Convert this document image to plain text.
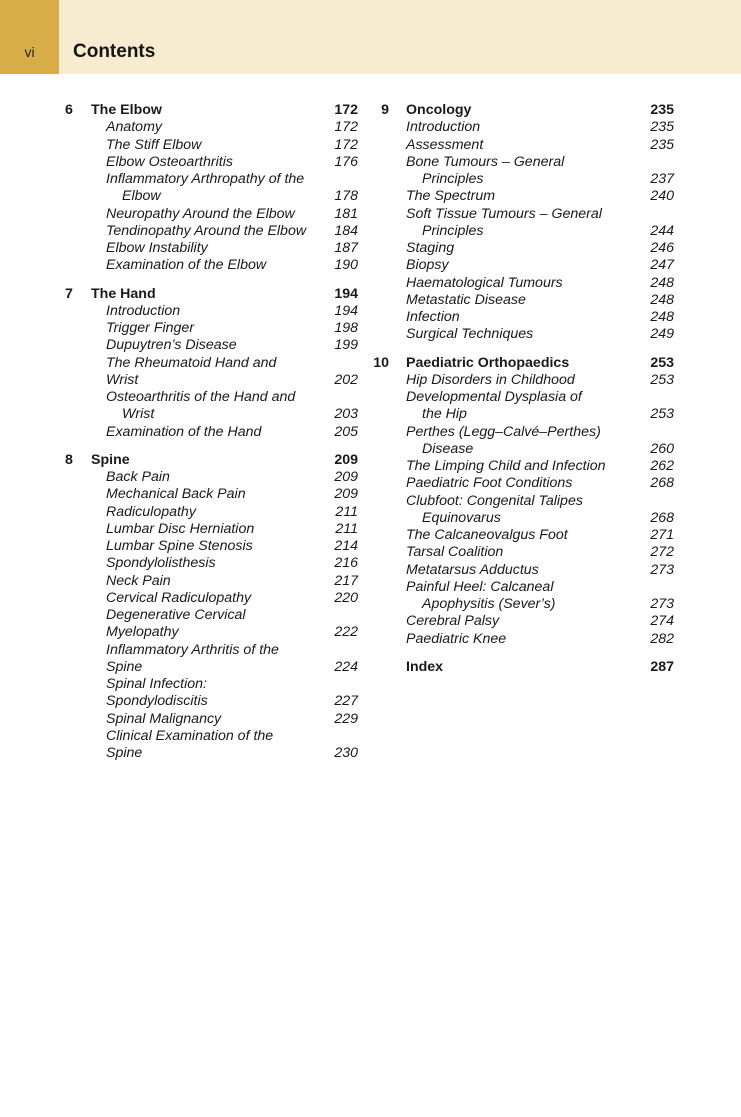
vi	Contents
6	The Elbow	172
Anatomy	172
The Stiff Elbow	172
Elbow Osteoarthritis	176
Inflammatory Arthropathy of the
Elbow	178
Neuropathy Around the Elbow	181
Tendinopathy Around the Elbow	184
Elbow Instability	187
Examination of the Elbow	190
7	The Hand	194
Introduction	194
Trigger Finger	198
Dupuytren’s Disease	199
The Rheumatoid Hand and Wrist	202
Osteoarthritis of the Hand and
Wrist	203
Examination of the Hand	205
8	Spine	209
Back Pain	209
Mechanical Back Pain	209
Radiculopathy	211
Lumbar Disc Herniation	211
Lumbar Spine Stenosis	214
Spondylolisthesis	216
Neck Pain	217
Cervical Radiculopathy	220
Degenerative Cervical Myelopathy	222
Inflammatory Arthritis of the Spine	224
Spinal Infection: Spondylodiscitis	227
Spinal Malignancy	229
Clinical Examination of the Spine	230
9	Oncology	235
Introduction	235
Assessment	235
Bone Tumours – General
Principles	237
The Spectrum	240
Soft Tissue Tumours – General
Principles	244
Staging	246
Biopsy	247
Haematological Tumours	248
Metastatic Disease	248
Infection	248
Surgical Techniques	249
10	Paediatric Orthopaedics	253
Hip Disorders in Childhood	253
Developmental Dysplasia of
the Hip	253
Perthes (Legg–Calvé–Perthes)
Disease	260
The Limping Child and Infection	262
Paediatric Foot Conditions	268
Clubfoot: Congenital Talipes
Equinovarus	268
The Calcaneovalgus Foot	271
Tarsal Coalition	272
Metatarsus Adductus	273
Painful Heel: Calcaneal
Apophysitis (Sever’s)	273
Cerebral Palsy	274
Paediatric Knee	282
Index	287
